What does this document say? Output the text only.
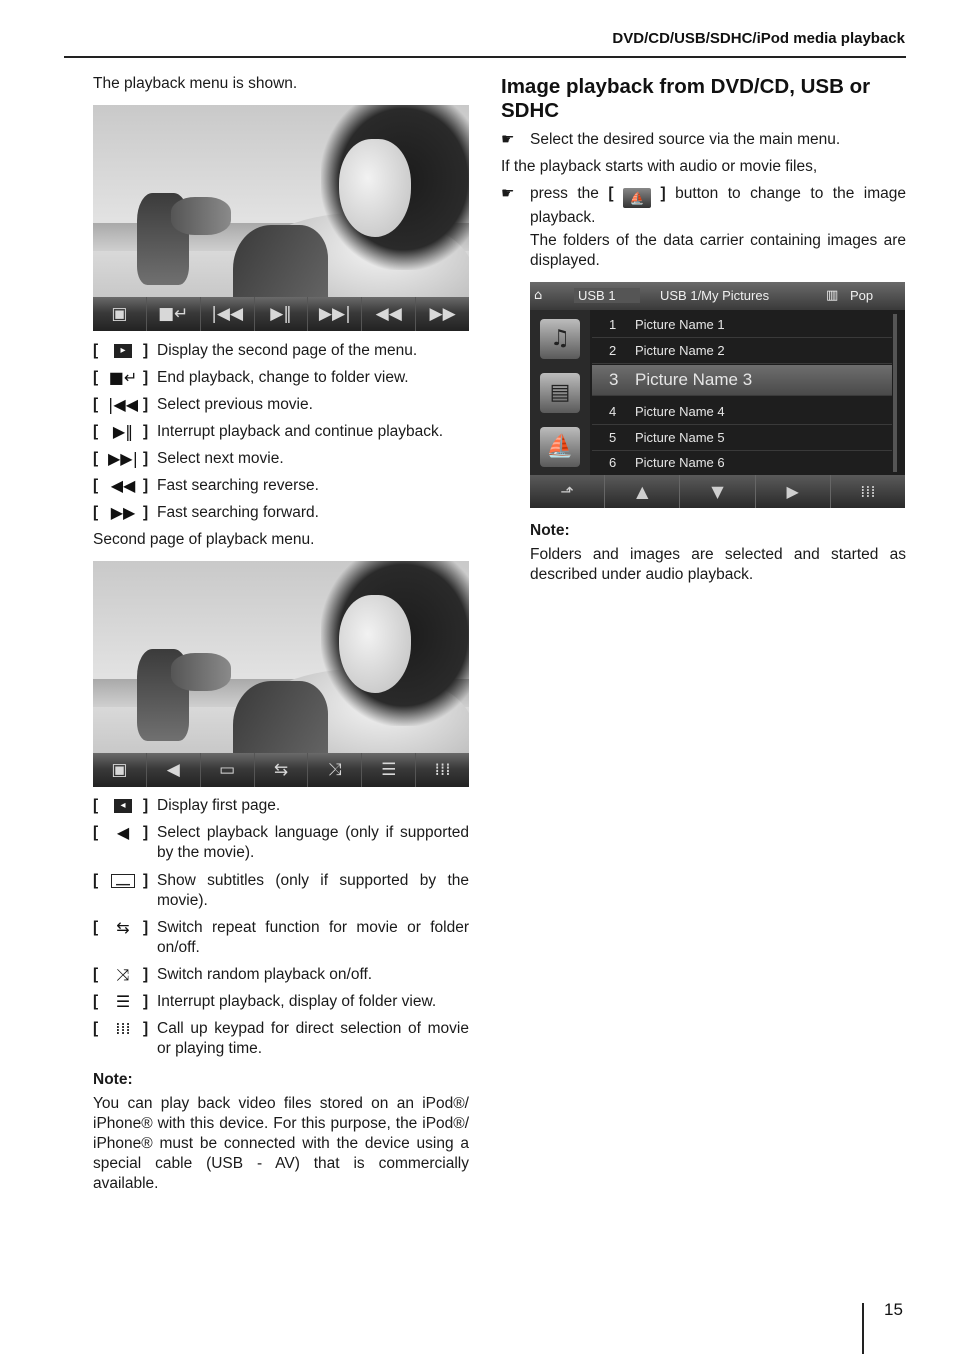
DVD/CD/USB/SDHC/iPod media playback
The playback menu is shown.
▣	■↵	|◀◀	▶‖	▶▶|	◀◀	▶▶
[	▸	] Display the second page of the menu.
[ ■↵ ] End playback, change to folder view.
[ |◀◀ ] Select previous movie.
[ ▶‖ ] Interrupt playback and continue playback.
[ ▶▶| ] Select next movie.
[ ◀◀ ] Fast searching reverse.
[ ▶▶ ] Fast searching forward.
Second page of playback menu.
▣	◀	▭	⇆	⤨	☰	⁞⁞⁞
[	◂	] Display first page.
[	◀ ] Select playback language (only if supported by the movie).
[	▁▁ ] Show subtitles (only if supported by the movie).
[	⇆ ] Switch repeat function for movie or folder on/off.
[	⤨ ] Switch random playback on/off.
[	☰ ] Interrupt playback, display of folder view.
[	⁞⁞⁞ ] Call up keypad for direct selection of movie or playing time.
Note:
You can play back video files stored on an iPod®/ iPhone® with this device. For this purpose, the iPod®/ iPhone® must be connected with the device using a special cable (USB - AV) that is commercially available.
Image playback from DVD/CD, USB or SDHC
☛ Select the desired source via the main menu.
If the playback starts with audio or movie files,
☛ press the [ ⛵ ] button to change to the image playback.
The folders of the data carrier containing images are displayed.
⌂	USB 1	USB 1/My Pictures	▥ Pop
♫
▤
⛵
1 Picture Name 1
2 Picture Name 2
3 Picture Name 3
4 Picture Name 4
5 Picture Name 5
6 Picture Name 6
⬏	▲	▼	▶	⁞⁞⁞
Note:
Folders and images are selected and started as described under audio playback.
15
